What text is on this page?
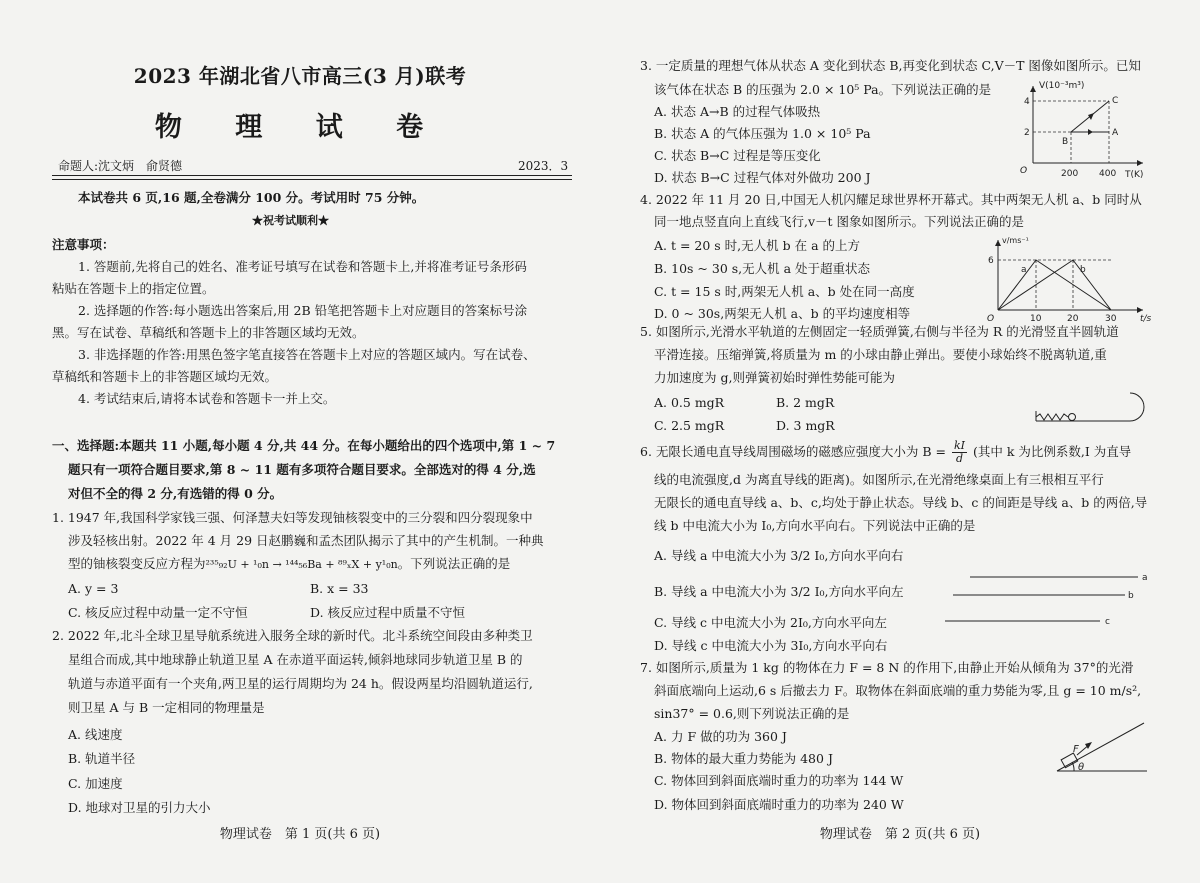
2023 年湖北省八市高三(3 月)联考
物 理 试 卷
命题人:沈文炳　俞贤德	2023．3
本试卷共 6 页,16 题,全卷满分 100 分。考试用时 75 分钟。
★祝考试顺利★
注意事项：
1. 答题前,先将自己的姓名、准考证号填写在试卷和答题卡上,并将准考证号条形码
粘贴在答题卡上的指定位置。
2. 选择题的作答:每小题选出答案后,用 2B 铅笔把答题卡上对应题目的答案标号涂
黑。写在试卷、草稿纸和答题卡上的非答题区域均无效。
3. 非选择题的作答:用黑色签字笔直接答在答题卡上对应的答题区域内。写在试卷、
草稿纸和答题卡上的非答题区域均无效。
4. 考试结束后,请将本试卷和答题卡一并上交。
一、选择题:本题共 11 小题,每小题 4 分,共 44 分。在每小题给出的四个选项中,第 1 ~ 7
题只有一项符合题目要求,第 8 ~ 11 题有多项符合题目要求。全部选对的得 4 分,选
对但不全的得 2 分,有选错的得 0 分。
1. 1947 年,我国科学家钱三强、何泽慧夫妇等发现铀核裂变中的三分裂和四分裂现象中
涉及轻核出射。2022 年 4 月 29 日赵鹏巍和孟杰团队揭示了其中的产生机制。一种典
型的铀核裂变反应方程为²³⁵₉₂U + ¹₀n → ¹⁴⁴₅₆Ba + ⁸⁹ₓX + y¹₀n。下列说法正确的是
A. y = 3	B. x = 33
C. 核反应过程中动量一定不守恒	D. 核反应过程中质量不守恒
2. 2022 年,北斗全球卫星导航系统进入服务全球的新时代。北斗系统空间段由多种类卫
星组合而成,其中地球静止轨道卫星 A 在赤道平面运转,倾斜地球同步轨道卫星 B 的
轨道与赤道平面有一个夹角,两卫星的运行周期均为 24 h。假设两星均沿圆轨道运行,
则卫星 A 与 B 一定相同的物理量是
A. 线速度
B. 轨道半径
C. 加速度
D. 地球对卫星的引力大小
物理试卷　第 1 页(共 6 页)
3. 一定质量的理想气体从状态 A 变化到状态 B,再变化到状态 C,V－T 图像如图所示。已知
该气体在状态 B 的压强为 2.0 × 10⁵ Pa。下列说法正确的是
A. 状态 A→B 的过程气体吸热
B. 状态 A 的气体压强为 1.0 × 10⁵ Pa
C. 状态 B→C 过程是等压变化
D. 状态 B→C 过程气体对外做功 200 J
V(10⁻³m³)
T(K)
O
4
2
200 400
A
B
C
4. 2022 年 11 月 20 日,中国无人机闪耀足球世界杯开幕式。其中两架无人机 a、b 同时从
同一地点竖直向上直线飞行,v－t 图象如图所示。下列说法正确的是
A. t = 20 s 时,无人机 b 在 a 的上方
B. 10s ~ 30 s,无人机 a 处于超重状态
C. t = 15 s 时,两架无人机 a、b 处在同一高度
D. 0 ~ 30s,两架无人机 a、b 的平均速度相等
v/ms⁻¹
t/s
O
6
10	20	30
a	b
5. 如图所示,光滑水平轨道的左侧固定一轻质弹簧,右侧与半径为 R 的光滑竖直半圆轨道
平滑连接。压缩弹簧,将质量为 m 的小球由静止弹出。要使小球始终不脱离轨道,重
力加速度为 g,则弹簧初始时弹性势能可能为
A. 0.5 mgR	B. 2 mgR
C. 2.5 mgR	D. 3 mgR
6. 无限长通电直导线周围磁场的磁感应强度大小为 $B = \frac{kI}{d}$ (其中 k 为比例系数,I 为直导
线的电流强度,d 为离直导线的距离)。如图所示,在光滑绝缘桌面上有三根相互平行
无限长的通电直导线 a、b、c,均处于静止状态。导线 b、c 的间距是导线 a、b 的两倍,导
线 b 中电流大小为 I₀,方向水平向右。下列说法中正确的是
A. 导线 a 中电流大小为 3/2 I₀,方向水平向右
B. 导线 a 中电流大小为 3/2 I₀,方向水平向左
C. 导线 c 中电流大小为 2I₀,方向水平向左
D. 导线 c 中电流大小为 3I₀,方向水平向右
a
b
c
7. 如图所示,质量为 1 kg 的物体在力 F = 8 N 的作用下,由静止开始从倾角为 37°的光滑
斜面底端向上运动,6 s 后撤去力 F。取物体在斜面底端的重力势能为零,且 g = 10 m/s²,
sin37° = 0.6,则下列说法正确的是
A. 力 F 做的功为 360 J
B. 物体的最大重力势能为 480 J
C. 物体回到斜面底端时重力的功率为 144 W
D. 物体回到斜面底端时重力的功率为 240 W
F
θ
物理试卷　第 2 页(共 6 页)
